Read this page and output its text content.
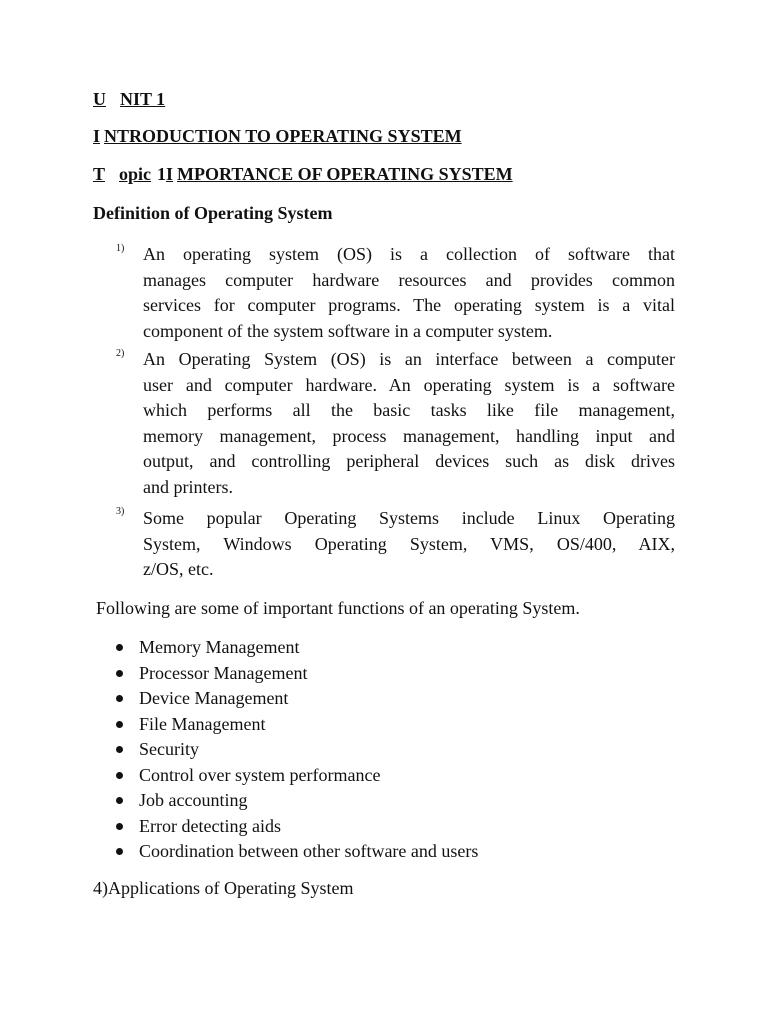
U NIT 1
I NTRODUCTION TO OPERATING SYSTEM
T opic 1I MPORTANCE OF OPERATING SYSTEM
Definition of Operating System
1) An operating system (OS) is a collection of software that
manages computer hardware resources and provides common
services for computer programs. The operating system is a vital
component of the system software in a computer system.
2) An Operating System (OS) is an interface between a computer
user and computer hardware. An operating system is a software
which performs all the basic tasks like file management,
memory management, process management, handling input and
output, and controlling peripheral devices such as disk drives
and printers.
3) Some popular Operating Systems include Linux Operating
System, Windows Operating System, VMS, OS/400, AIX,
z/OS, etc.
Following are some of important functions of an operating System.
Memory Management
Processor Management
Device Management
File Management
Security
Control over system performance
Job accounting
Error detecting aids
Coordination between other software and users
4)Applications of Operating System
